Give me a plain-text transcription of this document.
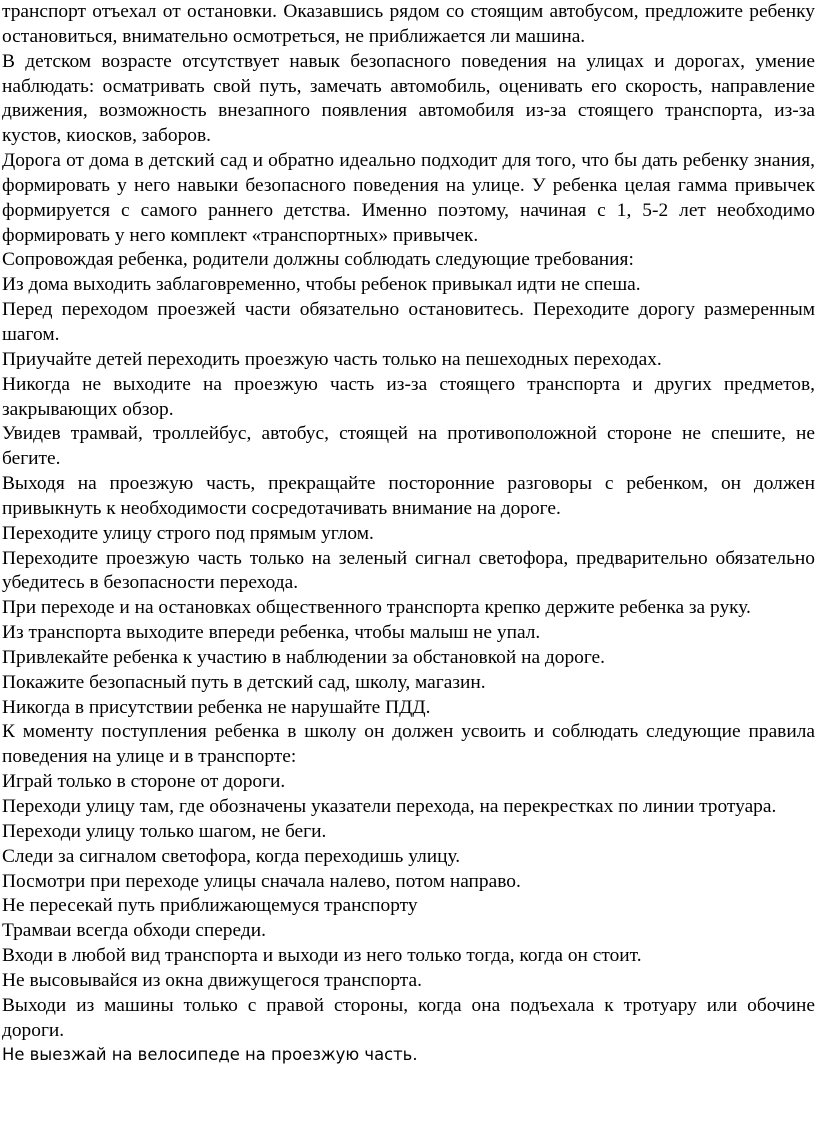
транспорт отъехал от остановки. Оказавшись рядом со стоящим автобусом, предложите ребенку остановиться, внимательно осмотреться, не приближается ли машина.

В детском возрасте отсутствует навык безопасного поведения на улицах и дорогах, умение наблюдать: осматривать свой путь, замечать автомобиль, оценивать его скорость, направление движения, возможность внезапного появления автомобиля из-за стоящего транспорта, из-за кустов, киосков, заборов.

Дорога от дома в детский сад и обратно идеально подходит для того, что бы дать ребенку знания, формировать у него навыки безопасного поведения на улице. У ребенка целая гамма привычек формируется с самого раннего детства. Именно поэтому, начиная с 1, 5-2 лет необходимо формировать у него комплект «транспортных» привычек.

Сопровождая ребенка, родители должны соблюдать следующие требования:

Из дома выходить заблаговременно, чтобы ребенок привыкал идти не спеша.

Перед переходом проезжей части обязательно остановитесь. Переходите дорогу размеренным шагом.

Приучайте детей переходить проезжую часть только на пешеходных переходах.

Никогда не выходите на проезжую часть из-за стоящего транспорта и других предметов, закрывающих обзор.

Увидев трамвай, троллейбус, автобус, стоящей на противоположной стороне не спешите, не бегите.

Выходя на проезжую часть, прекращайте посторонние разговоры с ребенком, он должен привыкнуть к необходимости сосредотачивать внимание на дороге.

Переходите улицу строго под прямым углом.

Переходите проезжую часть только на зеленый сигнал светофора, предварительно обязательно убедитесь в безопасности перехода.

При переходе и на остановках общественного транспорта крепко держите ребенка за руку.

Из транспорта выходите впереди ребенка, чтобы малыш не упал.

Привлекайте ребенка к участию в наблюдении за обстановкой на дороге.

Покажите безопасный путь в детский сад, школу, магазин.

Никогда в присутствии ребенка не нарушайте ПДД.

К моменту поступления ребенка в школу он должен усвоить и соблюдать следующие правила поведения на улице и в транспорте:

Играй только в стороне от дороги.

Переходи улицу там, где обозначены указатели перехода, на перекрестках по линии тротуара.

Переходи улицу только шагом, не беги.

Следи за сигналом светофора, когда переходишь улицу.

Посмотри при переходе улицы сначала налево, потом направо.

Не пересекай путь приближающемуся транспорту

Трамваи всегда обходи спереди.

Входи в любой вид транспорта и выходи из него только тогда, когда он стоит.

Не высовывайся из окна движущегося транспорта.

Выходи из машины только с правой стороны, когда она подъехала к тротуару или обочине дороги.

Не выезжай на велосипеде на проезжую часть.
